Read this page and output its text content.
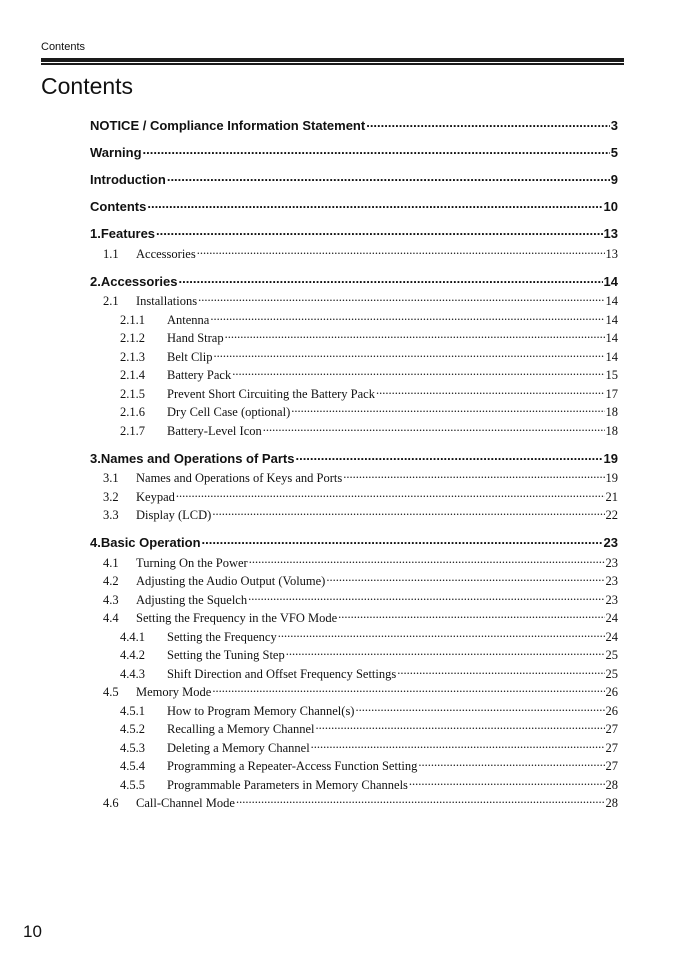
Contents
Contents
NOTICE / Compliance Information Statement .....	3
Warning .....	5
Introduction .....	9
Contents .....	10
1.Features .....	13
1.1 Accessories .....	13
2.Accessories .....	14
2.1 Installations .....	14
2.1.1 Antenna .....	14
2.1.2 Hand Strap .....	14
2.1.3 Belt Clip .....	14
2.1.4 Battery Pack .....	15
2.1.5 Prevent Short Circuiting the Battery Pack .....	17
2.1.6 Dry Cell Case (optional) .....	18
2.1.7 Battery-Level Icon .....	18
3.Names and Operations of Parts .....	19
3.1 Names and Operations of Keys and Ports .....	19
3.2 Keypad .....	21
3.3 Display (LCD) .....	22
4.Basic Operation .....	23
4.1 Turning On the Power .....	23
4.2 Adjusting the Audio Output (Volume) .....	23
4.3 Adjusting the Squelch .....	23
4.4 Setting the Frequency in the VFO Mode .....	24
4.4.1 Setting the Frequency .....	24
4.4.2 Setting the Tuning Step .....	25
4.4.3 Shift Direction and Offset Frequency Settings .....	25
4.5 Memory Mode .....	26
4.5.1 How to Program Memory Channel(s) .....	26
4.5.2 Recalling a Memory Channel .....	27
4.5.3 Deleting a Memory Channel .....	27
4.5.4 Programming a Repeater-Access Function Setting .....	27
4.5.5 Programmable Parameters in Memory Channels .....	28
4.6 Call-Channel Mode .....	28
10
